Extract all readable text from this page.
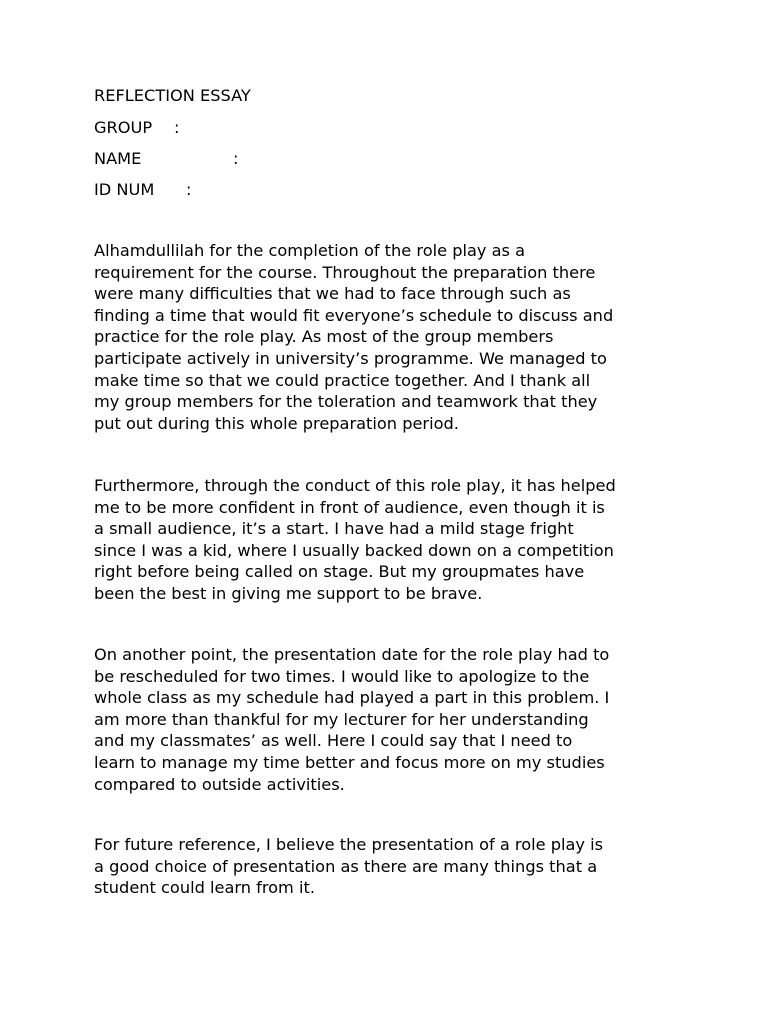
REFLECTION ESSAY
GROUP :
NAME	:
ID NUM :
Alhamdullilah for the completion of the role play as a
requirement for the course. Throughout the preparation there
were many difficulties that we had to face through such as
finding a time that would fit everyone’s schedule to discuss and
practice for the role play. As most of the group members
participate actively in university’s programme. We managed to
make time so that we could practice together. And I thank all
my group members for the toleration and teamwork that they
put out during this whole preparation period.
Furthermore, through the conduct of this role play, it has helped
me to be more confident in front of audience, even though it is
a small audience, it’s a start. I have had a mild stage fright
since I was a kid, where I usually backed down on a competition
right before being called on stage. But my groupmates have
been the best in giving me support to be brave.
On another point, the presentation date for the role play had to
be rescheduled for two times. I would like to apologize to the
whole class as my schedule had played a part in this problem. I
am more than thankful for my lecturer for her understanding
and my classmates’ as well. Here I could say that I need to
learn to manage my time better and focus more on my studies
compared to outside activities.
For future reference, I believe the presentation of a role play is
a good choice of presentation as there are many things that a
student could learn from it.
